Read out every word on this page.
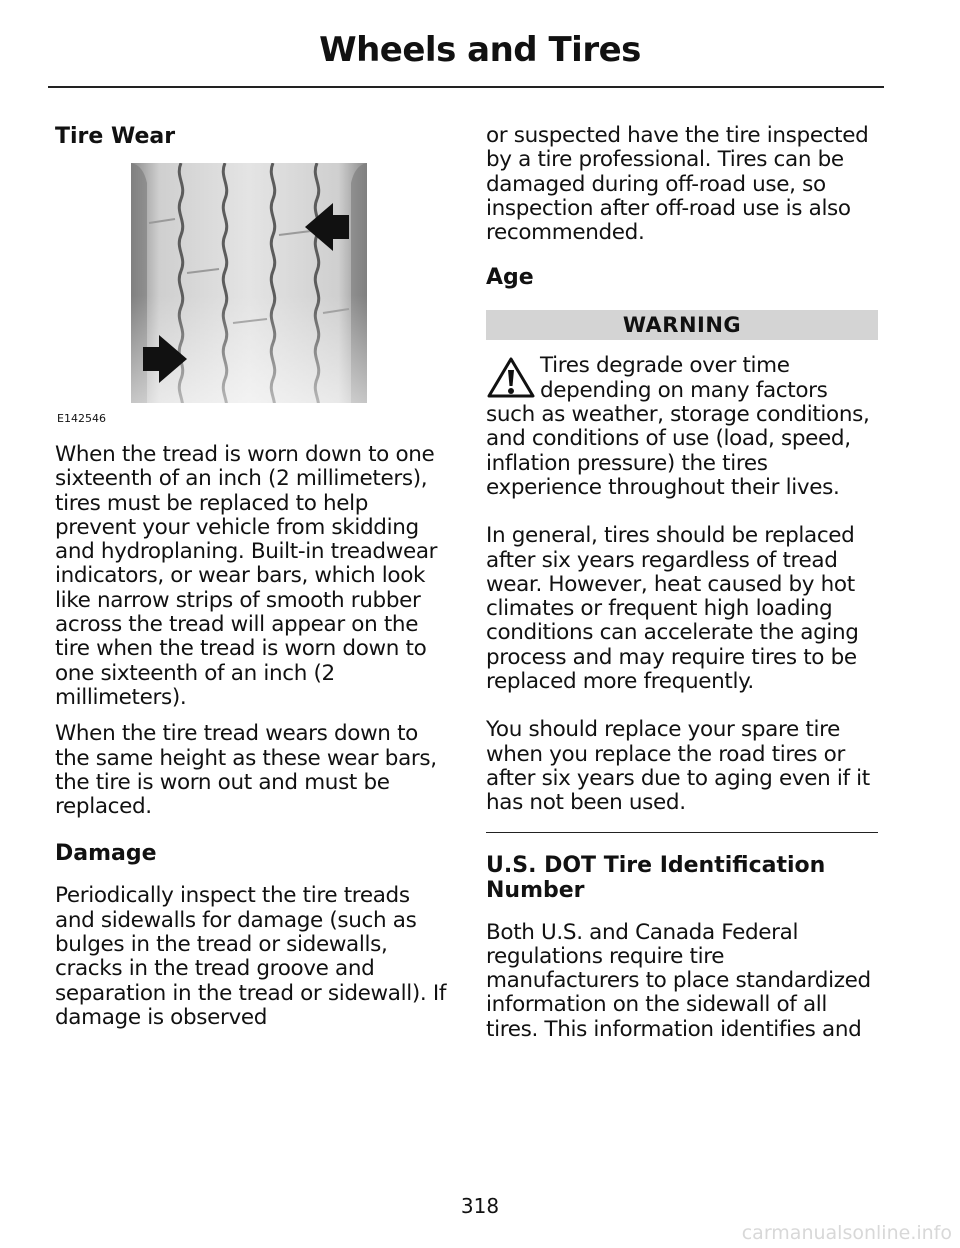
Wheels and Tires
Tire Wear
E142546

When the tread is worn down to one sixteenth of an inch (2 millimeters), tires must be replaced to help prevent your vehicle from skidding and hydroplaning. Built-in treadwear indicators, or wear bars, which look like narrow strips of smooth rubber across the tread will appear on the tire when the tread is worn down to one sixteenth of an inch (2 millimeters).

When the tire tread wears down to the same height as these wear bars, the tire is worn out and must be replaced.

Damage

Periodically inspect the tire treads and sidewalls for damage (such as bulges in the tread or sidewalls, cracks in the tread groove and separation in the tread or sidewall). If damage is observed

or suspected have the tire inspected by a tire professional. Tires can be damaged during off-road use, so inspection after off-road use is also recommended.

Age
WARNING

Tires degrade over time depending on many factors such as weather, storage conditions, and conditions of use (load, speed, inflation pressure) the tires experience throughout their lives.

In general, tires should be replaced after six years regardless of tread wear. However, heat caused by hot climates or frequent high loading conditions can accelerate the aging process and may require tires to be replaced more frequently.

You should replace your spare tire when you replace the road tires or after six years due to aging even if it has not been used.

U.S. DOT Tire Identification Number

Both U.S. and Canada Federal regulations require tire manufacturers to place standardized information on the sidewall of all tires. This information identifies and

318
carmanualsonline.info
